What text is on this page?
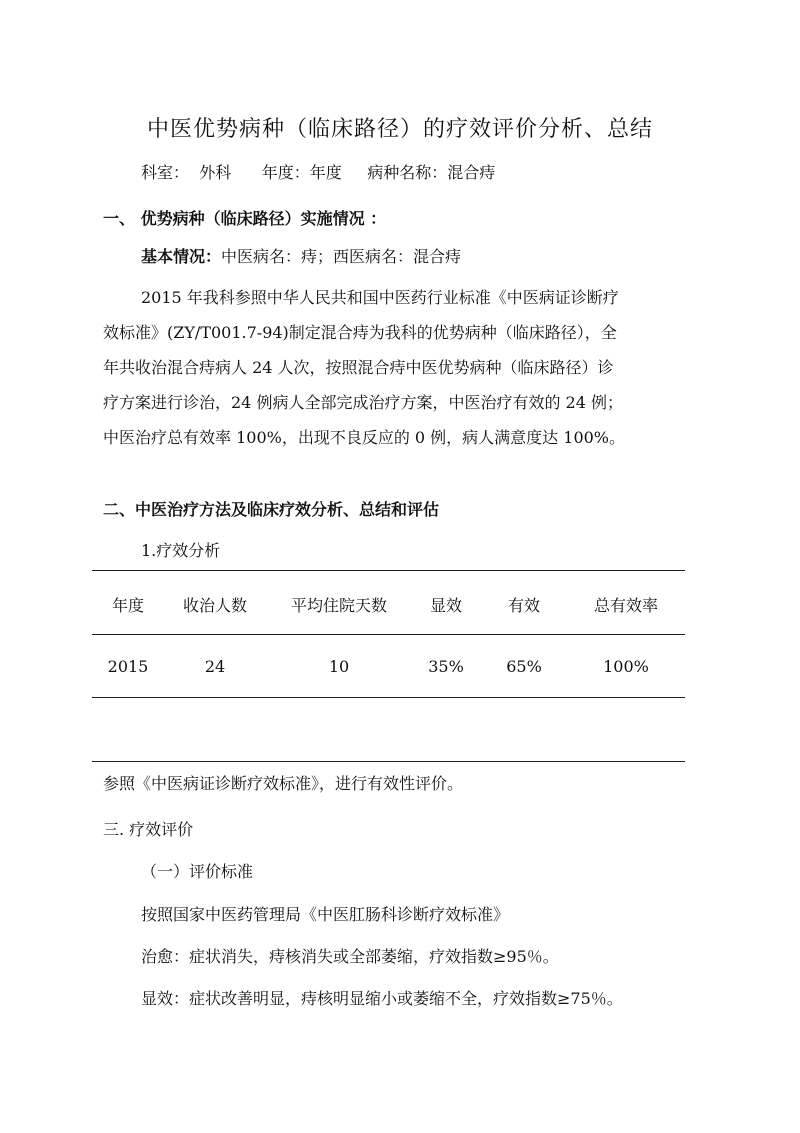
中医优势病种（临床路径）的疗效评价分析、总结
科室： 外科 年度：年度 病种名称：混合痔
一、 优势病种（临床路径）实施情况 ：
基本情况：中医病名：痔；西医病名：混合痔
2015 年我科参照中华人民共和国中医药行业标准《中医病证诊断疗
效标准》(ZY/T001.7-94)制定混合痔为我科的优势病种（临床路径），全
年共收治混合痔病人 24 人次，按照混合痔中医优势病种（临床路径）诊
疗方案进行诊治，24 例病人全部完成治疗方案，中医治疗有效的 24 例；
中医治疗总有效率 100%，出现不良反应的 0 例，病人满意度达 100%。
二、中医治疗方法及临床疗效分析、总结和评估
1.疗效分析
年度 收治人数	平均住院天数	显效	有效	总有效率
2015	24	10	35%	65%	100%
参照《中医病证诊断疗效标准》，进行有效性评价。
三. 疗效评价
（一）评价标准
按照国家中医药管理局《中医肛肠科诊断疗效标准》
治愈：症状消失，痔核消失或全部萎缩，疗效指数≥95％。
显效：症状改善明显，痔核明显缩小或萎缩不全，疗效指数≥75％。
